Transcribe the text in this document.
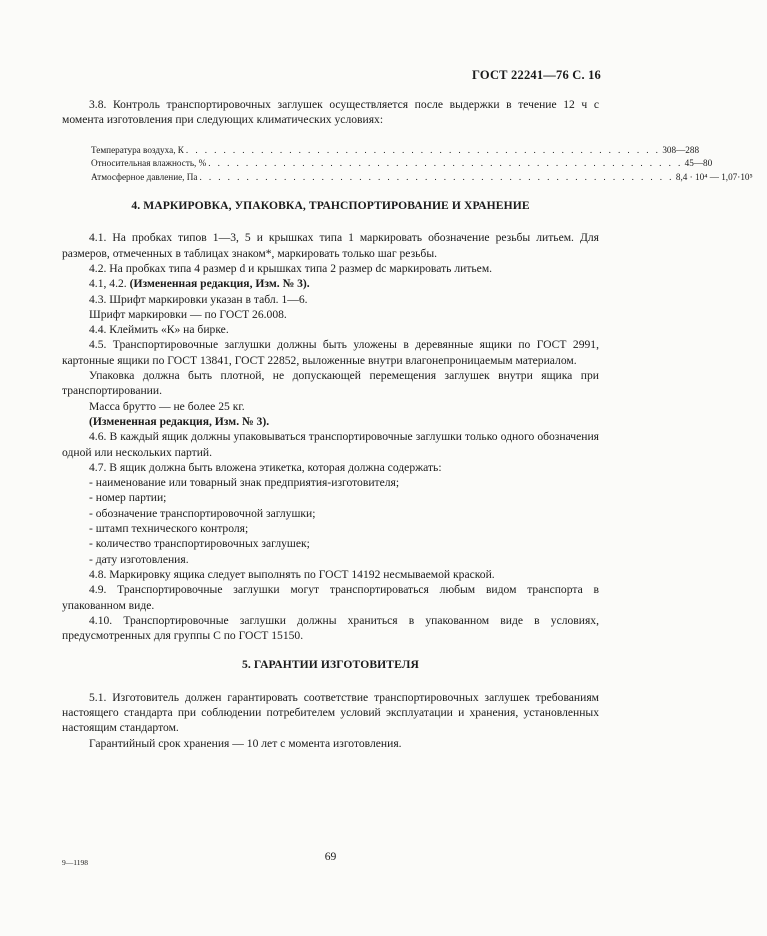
ГОСТ 22241—76 С. 16

3.8. Контроль транспортировочных заглушек осуществляется после выдержки в течение 12 ч с момента изготовления при следующих климатических условиях:

Температура воздуха, К . . . . . . . . . . . . . . . . . . . . . . . . . . . . . . . . . . . . . . . . . . . . . . . . . . . 308—288
Относительная влажность, % . . . . . . . . . . . . . . . . . . . . . . . . . . . . . . . . . . . . . . . . . . . . . . . . . . . 45—80
Атмосферное давление, Па . . . . . . . . . . . . . . . . . . . . . . . . . . . . . . . . . . . . . . . . . . . . . . . . . . . 8,4 · 10⁴ — 1,07·10⁵
4. МАРКИРОВКА, УПАКОВКА, ТРАНСПОРТИРОВАНИЕ И ХРАНЕНИЕ

4.1. На пробках типов 1—3, 5 и крышках типа 1 маркировать обозначение резьбы литьем. Для размеров, отмеченных в таблицах знаком*, маркировать только шаг резьбы.

4.2. На пробках типа 4 размер d и крышках типа 2 размер dс маркировать литьем.

4.1, 4.2. (Измененная редакция, Изм. № 3).

4.3. Шрифт маркировки указан в табл. 1—6.

Шрифт маркировки — по ГОСТ 26.008.

4.4. Клеймить «К» на бирке.

4.5. Транспортировочные заглушки должны быть уложены в деревянные ящики по ГОСТ 2991, картонные ящики по ГОСТ 13841, ГОСТ 22852, выложенные внутри влагонепроницаемым материалом.

Упаковка должна быть плотной, не допускающей перемещения заглушек внутри ящика при транспортировании.

Масса брутто — не более 25 кг.

(Измененная редакция, Изм. № 3).

4.6. В каждый ящик должны упаковываться транспортировочные заглушки только одного обозначения одной или нескольких партий.

4.7. В ящик должна быть вложена этикетка, которая должна содержать:

- наименование или товарный знак предприятия-изготовителя;

- номер партии;

- обозначение транспортировочной заглушки;

- штамп технического контроля;

- количество транспортировочных заглушек;

- дату изготовления.

4.8. Маркировку ящика следует выполнять по ГОСТ 14192 несмываемой краской.

4.9. Транспортировочные заглушки могут транспортироваться любым видом транспорта в упакованном виде.

4.10. Транспортировочные заглушки должны храниться в упакованном виде в условиях, предусмотренных для группы С по ГОСТ 15150.

5. ГАРАНТИИ ИЗГОТОВИТЕЛЯ

5.1. Изготовитель должен гарантировать соответствие транспортировочных заглушек требованиям настоящего стандарта при соблюдении потребителем условий эксплуатации и хранения, установленных настоящим стандартом.

Гарантийный срок хранения — 10 лет с момента изготовления.

9—1198	69
